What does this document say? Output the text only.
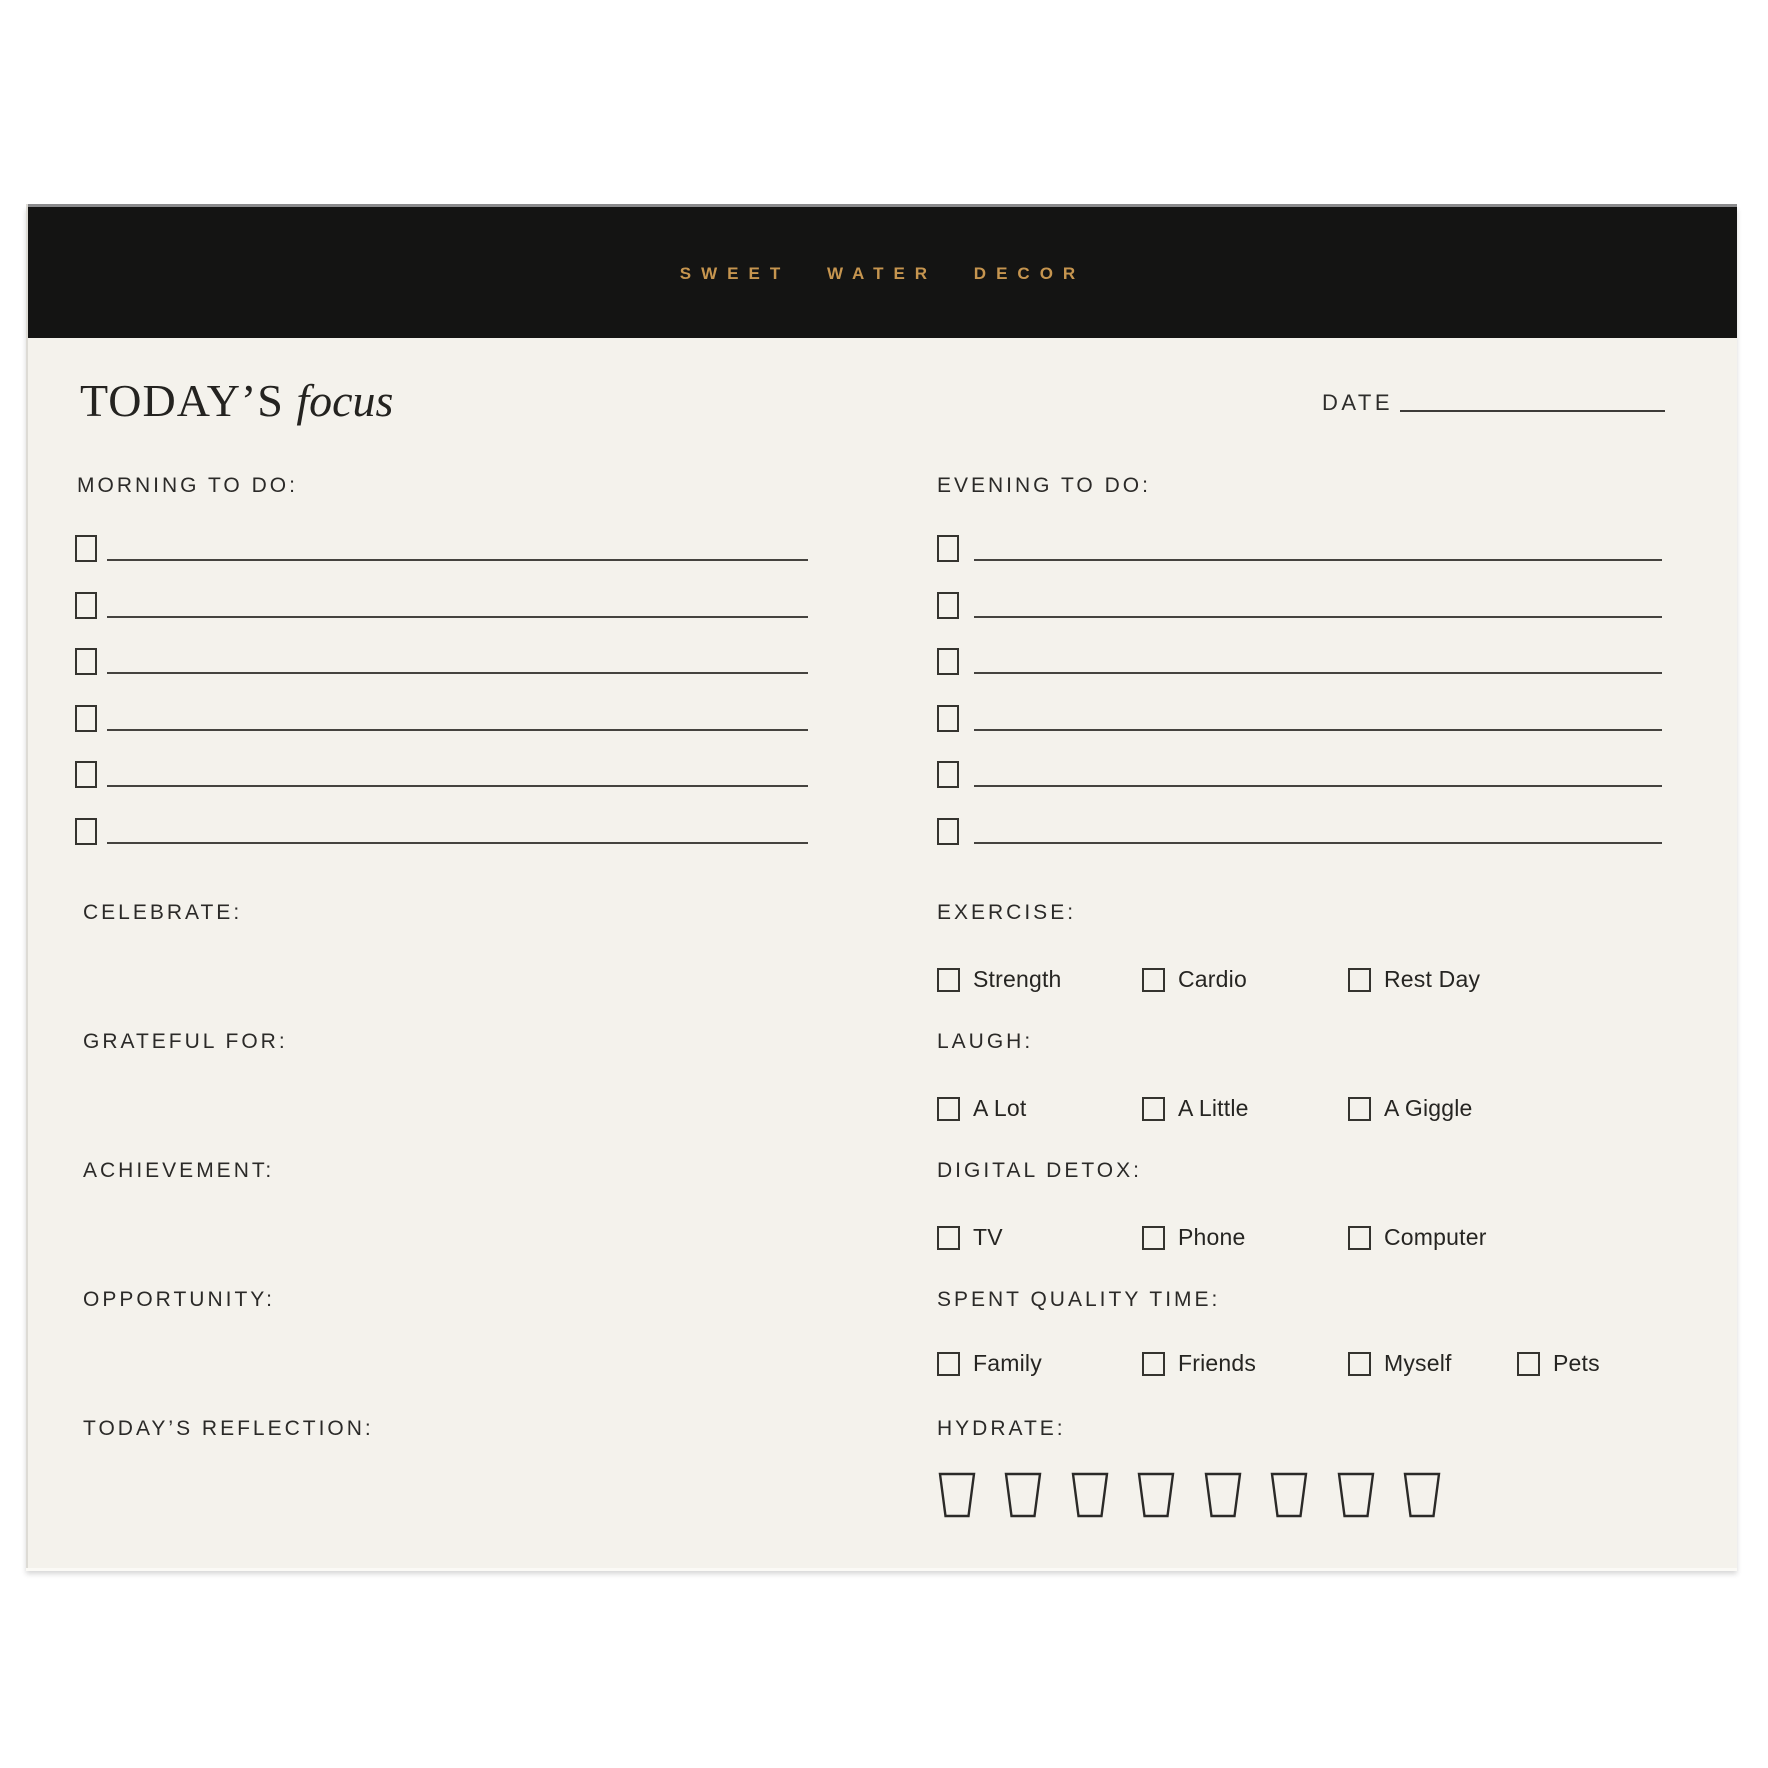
SWEET WATER DECOR
TODAY’S focus	DATE
MORNING TO DO:	EVENING TO DO:
CELEBRATE:
GRATEFUL FOR:
ACHIEVEMENT:
OPPORTUNITY:
TODAY’S REFLECTION:
EXERCISE:
Strength	Cardio	Rest Day
LAUGH:
A Lot	A Little	A Giggle
DIGITAL DETOX:
TV	Phone	Computer
SPENT QUALITY TIME:
Family	Friends	Myself	Pets
HYDRATE:
